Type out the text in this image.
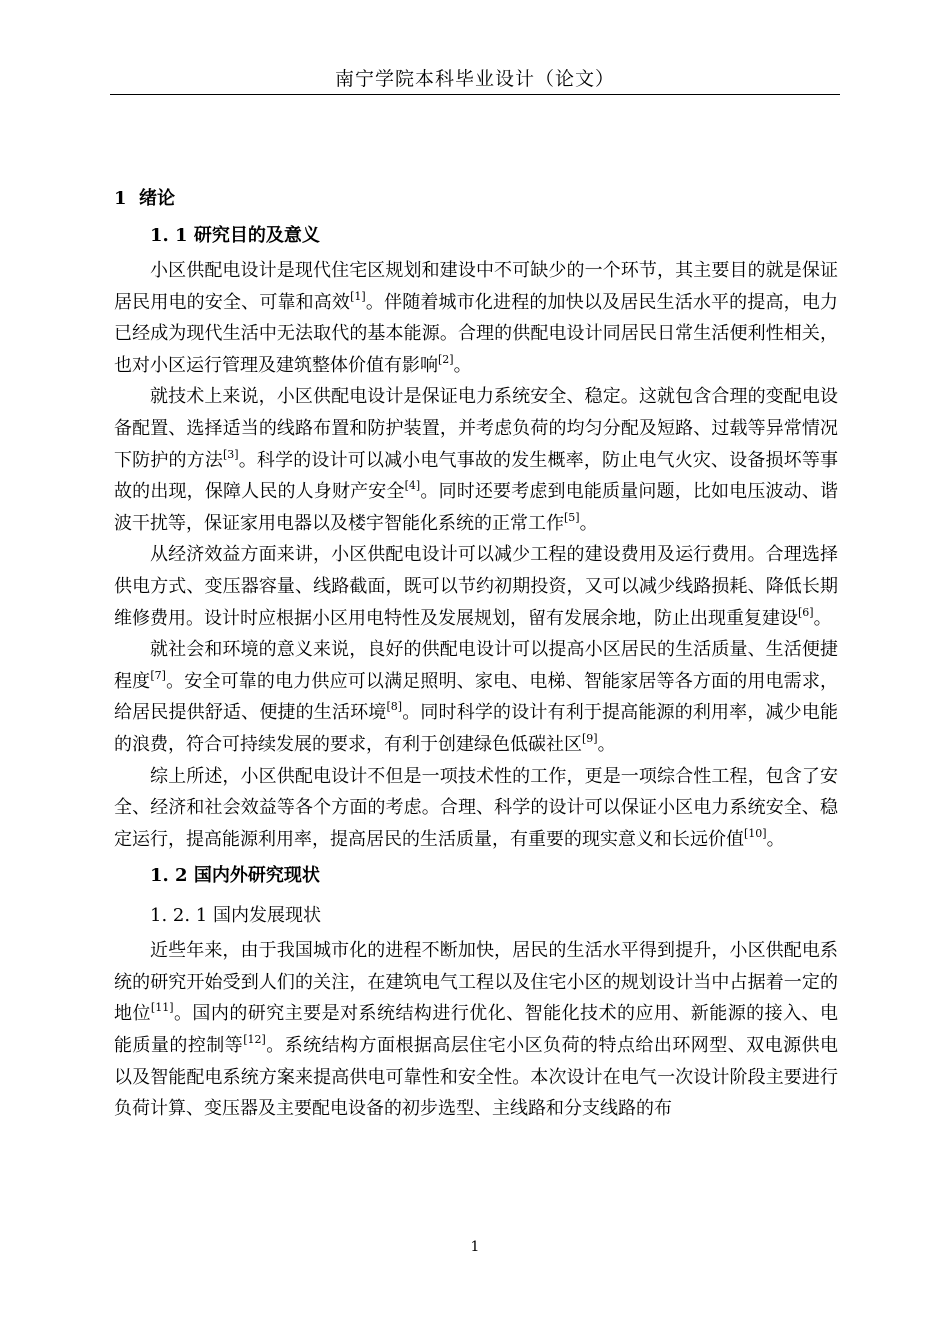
南宁学院本科毕业设计（论文）
1  绪论
1. 1 研究目的及意义

小区供配电设计是现代住宅区规划和建设中不可缺少的一个环节，其主要目的就是保证居民用电的安全、可靠和高效[1]。伴随着城市化进程的加快以及居民生活水平的提高，电力已经成为现代生活中无法取代的基本能源。合理的供配电设计同居民日常生活便利性相关，也对小区运行管理及建筑整体价值有影响[2]。

就技术上来说，小区供配电设计是保证电力系统安全、稳定。这就包含合理的变配电设备配置、选择适当的线路布置和防护装置，并考虑负荷的均匀分配及短路、过载等异常情况下防护的方法[3]。科学的设计可以减小电气事故的发生概率，防止电气火灾、设备损坏等事故的出现，保障人民的人身财产安全[4]。同时还要考虑到电能质量问题，比如电压波动、谐波干扰等，保证家用电器以及楼宇智能化系统的正常工作[5]。

从经济效益方面来讲，小区供配电设计可以减少工程的建设费用及运行费用。合理选择供电方式、变压器容量、线路截面，既可以节约初期投资，又可以减少线路损耗、降低长期维修费用。设计时应根据小区用电特性及发展规划，留有发展余地，防止出现重复建设[6]。

就社会和环境的意义来说，良好的供配电设计可以提高小区居民的生活质量、生活便捷程度[7]。安全可靠的电力供应可以满足照明、家电、电梯、智能家居等各方面的用电需求，给居民提供舒适、便捷的生活环境[8]。同时科学的设计有利于提高能源的利用率，减少电能的浪费，符合可持续发展的要求，有利于创建绿色低碳社区[9]。

综上所述，小区供配电设计不但是一项技术性的工作，更是一项综合性工程，包含了安全、经济和社会效益等各个方面的考虑。合理、科学的设计可以保证小区电力系统安全、稳定运行，提高能源利用率，提高居民的生活质量，有重要的现实意义和长远价值[10]。

1. 2 国内外研究现状
1. 2. 1 国内发展现状

近些年来，由于我国城市化的进程不断加快，居民的生活水平得到提升，小区供配电系统的研究开始受到人们的关注，在建筑电气工程以及住宅小区的规划设计当中占据着一定的地位[11]。国内的研究主要是对系统结构进行优化、智能化技术的应用、新能源的接入、电能质量的控制等[12]。系统结构方面根据高层住宅小区负荷的特点给出环网型、双电源供电以及智能配电系统方案来提高供电可靠性和安全性。本次设计在电气一次设计阶段主要进行负荷计算、变压器及主要配电设备的初步选型、主线路和分支线路的布

1
